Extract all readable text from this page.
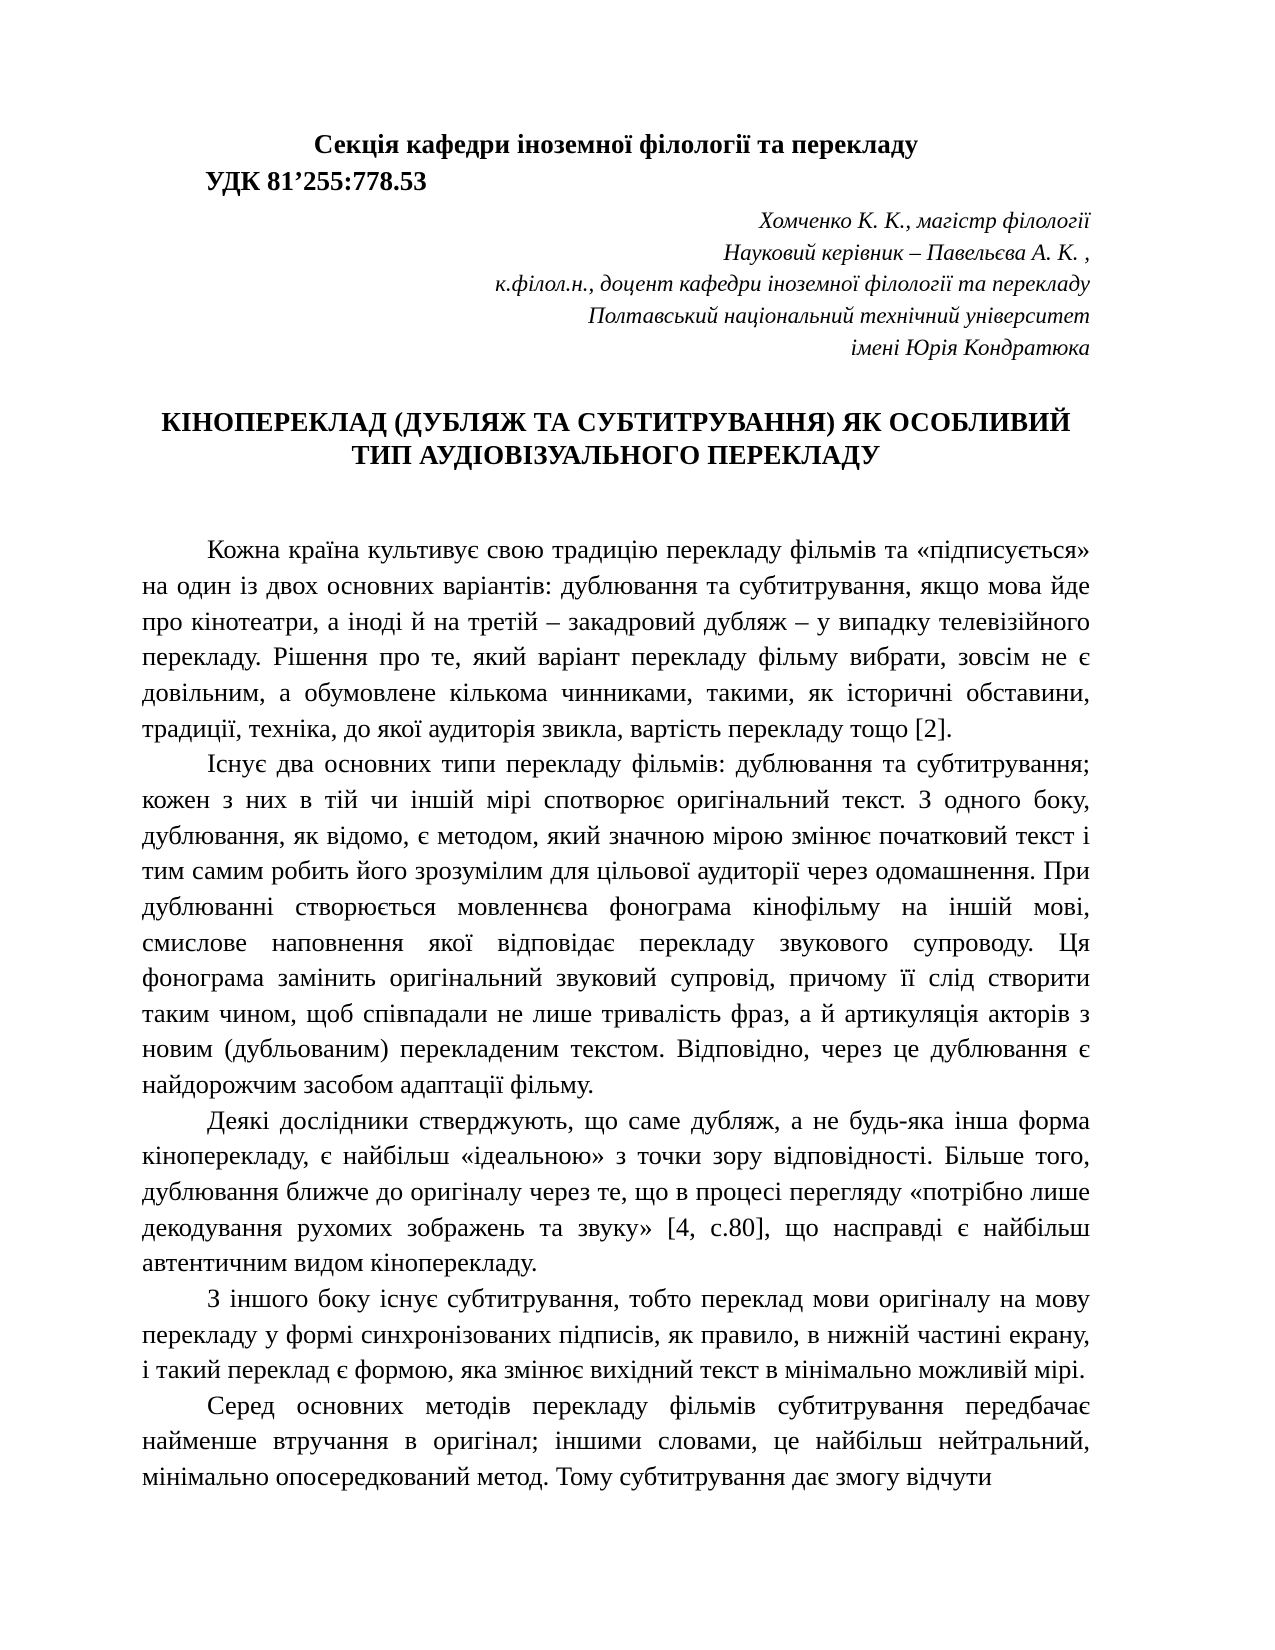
Секція кафедри іноземної філології та перекладу
УДК 81’255:778.53
Хомченко К. К., магістр філології
Науковий керівник – Павельєва А. К. ,
к.філол.н., доцент кафедри іноземної філології та перекладу
Полтавський національний технічний університет
імені Юрія Кондратюка
КІНОПЕРЕКЛАД (ДУБЛЯЖ ТА СУБТИТРУВАННЯ) ЯК ОСОБЛИВИЙ
ТИП АУДІОВІЗУАЛЬНОГО ПЕРЕКЛАДУ

Кожна країна культивує свою традицію перекладу фільмів та «підписується» на один із двох основних варіантів: дублювання та субтитрування, якщо мова йде про кінотеатри, а іноді й на третій – закадровий дубляж – у випадку телевізійного перекладу. Рішення про те, який варіант перекладу фільму вибрати, зовсім не є довільним, а обумовлене кількома чинниками, такими, як історичні обставини, традиції, техніка, до якої аудиторія звикла, вартість перекладу тощо [2].

Існує два основних типи перекладу фільмів: дублювання та субтитрування; кожен з них в тій чи іншій мірі спотворює оригінальний текст. З одного боку, дублювання, як відомо, є методом, який значною мірою змінює початковий текст і тим самим робить його зрозумілим для цільової аудиторії через одомашнення. При дублюванні створюється мовленнєва фонограма кінофільму на іншій мові, смислове наповнення якої відповідає перекладу звукового супроводу. Ця фонограма замінить оригінальний звуковий супровід, причому її слід створити таким чином, щоб співпадали не лише тривалість фраз, а й артикуляція акторів з новим (дубльованим) перекладеним текстом. Відповідно, через це дублювання є найдорожчим засобом адаптації фільму.

Деякі дослідники стверджують, що саме дубляж, а не будь-яка інша форма кіноперекладу, є найбільш «ідеальною» з точки зору відповідності. Більше того, дублювання ближче до оригіналу через те, що в процесі перегляду «потрібно лише декодування рухомих зображень та звуку» [4, с.80], що насправді є найбільш автентичним видом кіноперекладу.

З іншого боку існує субтитрування, тобто переклад мови оригіналу на мову перекладу у формі синхронізованих підписів, як правило, в нижній частині екрану, і такий переклад є формою, яка змінює вихідний текст в мінімально можливій мірі.

Серед основних методів перекладу фільмів субтитрування передбачає найменше втручання в оригінал; іншими словами, це найбільш нейтральний, мінімально опосередкований метод. Тому субтитрування дає змогу відчути
